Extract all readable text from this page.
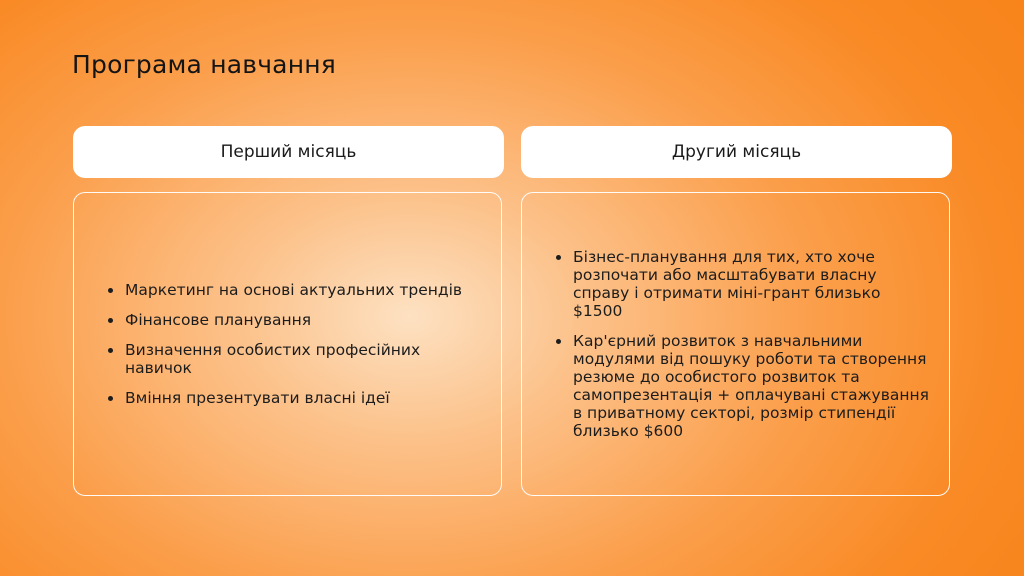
Програма навчання
Перший місяць	Другий місяць
Маркетинг на основі актуальних трендів
Фінансове планування
Визначення особистих професійних навичок
Вміння презентувати власні ідеї
Бізнес-планування для тих, хто хоче розпочати або масштабувати власну справу і отримати міні-грант близько $1500
Кар'єрний розвиток з навчальними модулями від пошуку роботи та створення резюме до особистого розвиток та самопрезентація + оплачувані стажування в приватному секторі, розмір стипендії близько $600
